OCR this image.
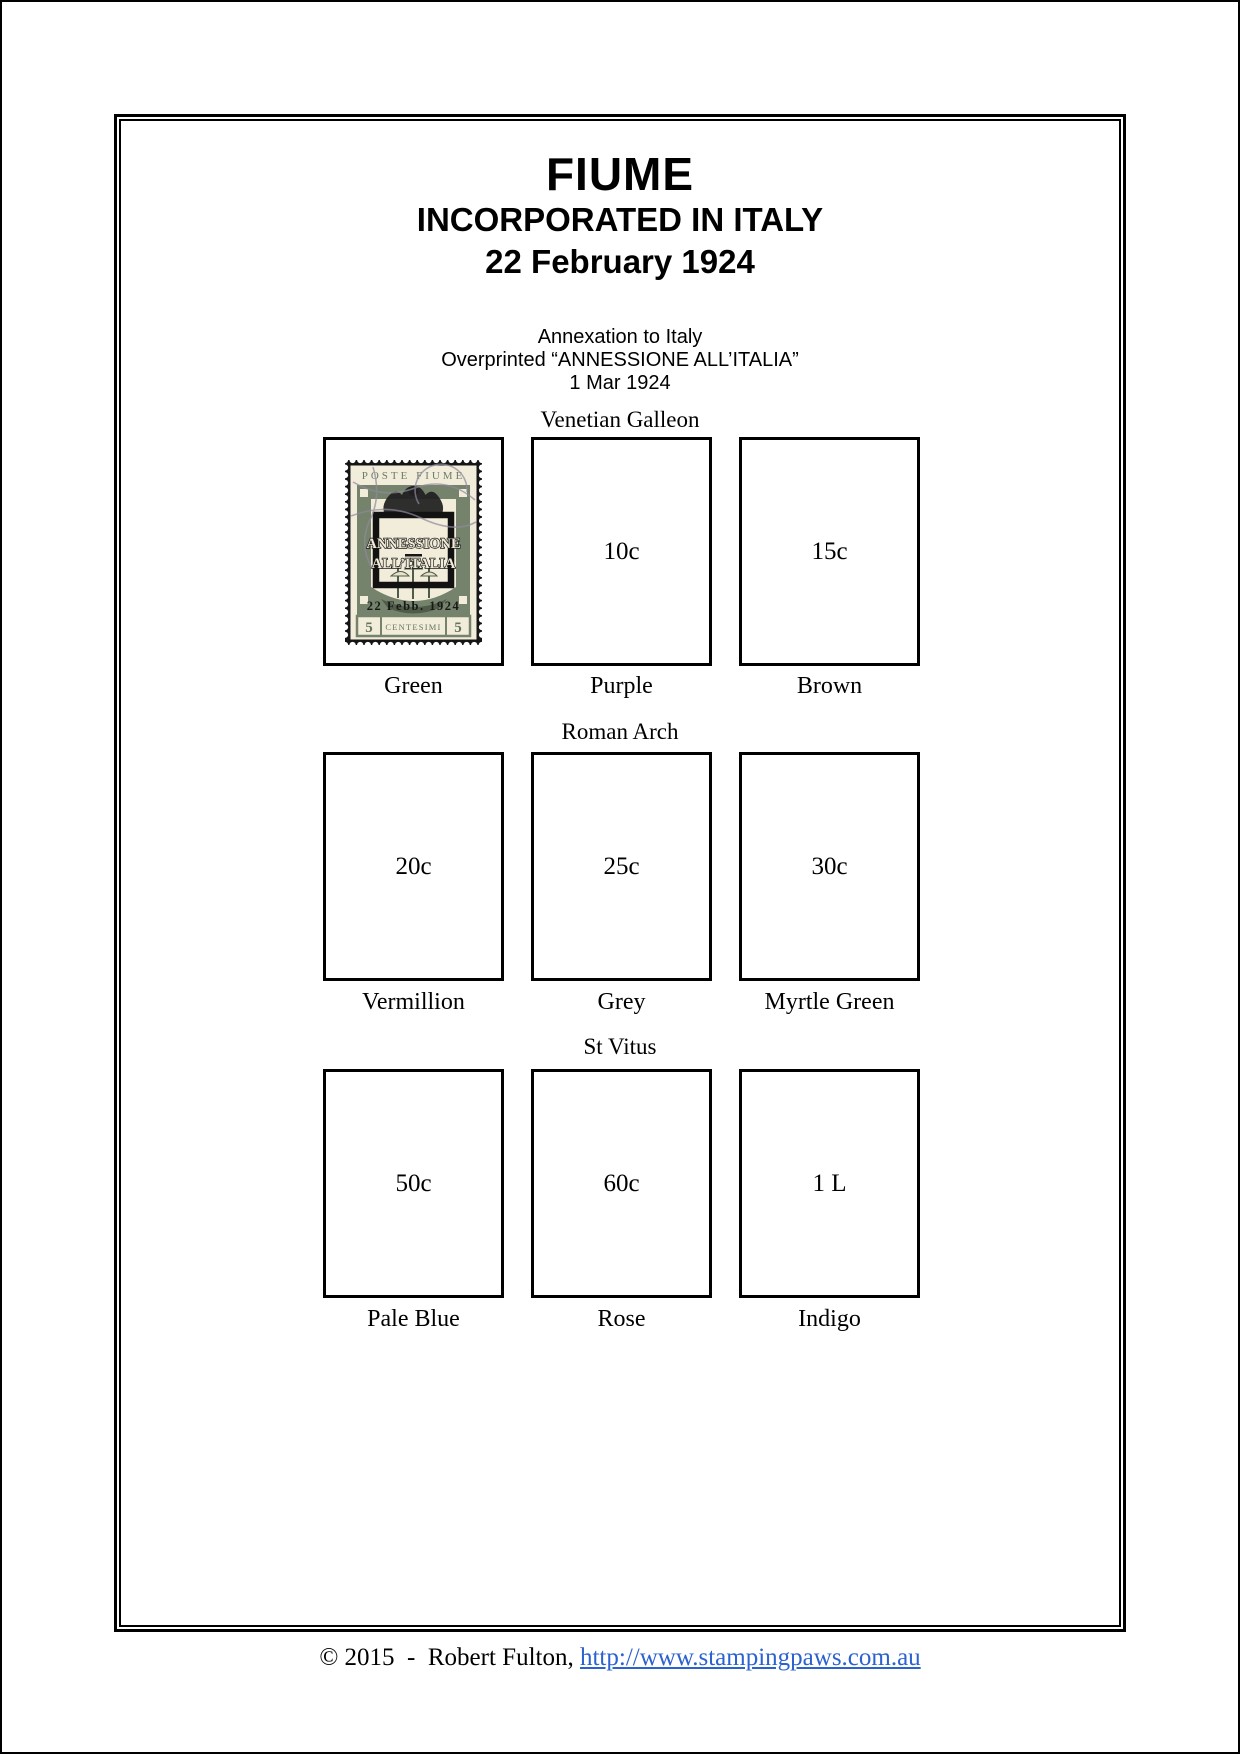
FIUME
INCORPORATED IN ITALY
22 February 1924
Annexation to Italy
Overprinted “ANNESSIONE ALL’ITALIA”
1 Mar 1924
Venetian Galleon
Roman Arch
St Vitus
POSTE FIUME
ANNESSIONE
ALL’ITALIA
22 Febb. 1924
5 CENTESIMI 5
10c	15c
Green	Purple	Brown
20c	25c	30c
Vermillion	Grey	Myrtle Green
50c	60c	1 L
Pale Blue	Rose	Indigo
© 2015  -  Robert Fulton, http://www.stampingpaws.com.au
